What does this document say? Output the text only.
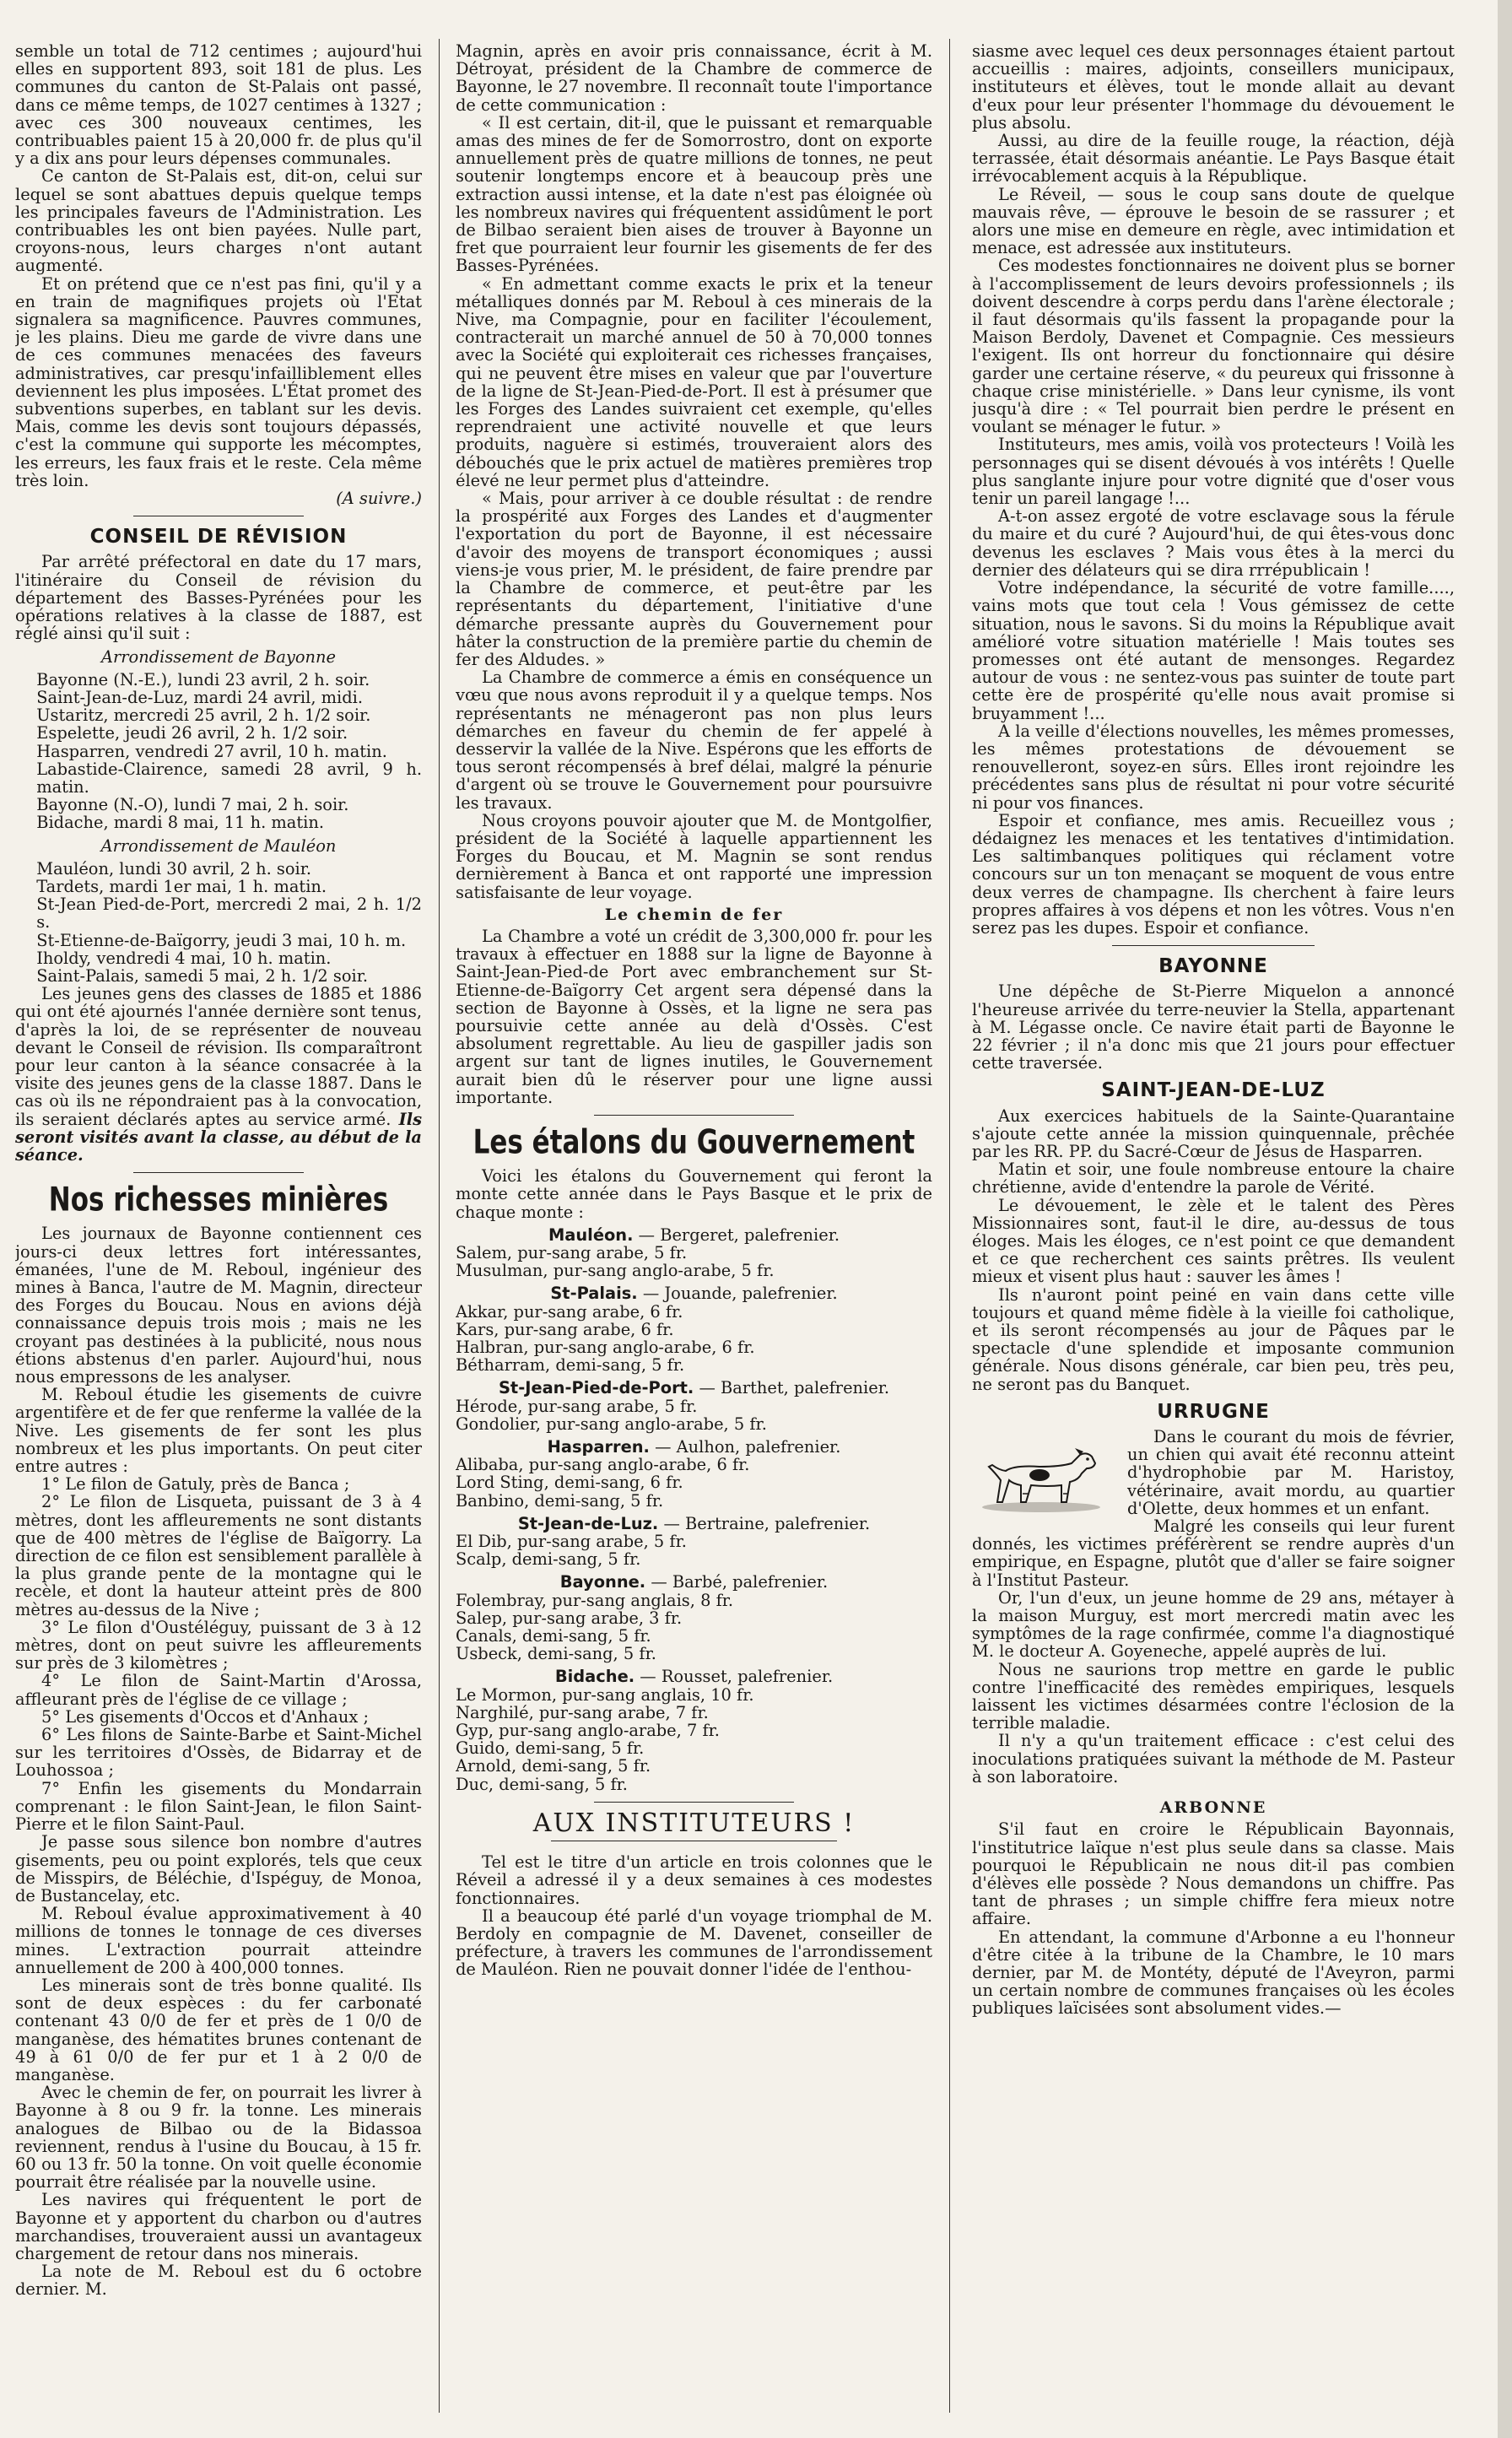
semble un total de 712 centimes ; aujourd'hui elles en supportent 893, soit 181 de plus. Les communes du canton de St-Palais ont passé, dans ce même temps, de 1027 centimes à 1327 ; avec ces 300 nouveaux centimes, les contribuables paient 15 à 20,000 fr. de plus qu'il y a dix ans pour leurs dépenses communales.

Ce canton de St-Palais est, dit-on, celui sur lequel se sont abattues depuis quelque temps les principales faveurs de l'Administration. Les contribuables les ont bien payées. Nulle part, croyons-nous, leurs charges n'ont autant augmenté.

Et on prétend que ce n'est pas fini, qu'il y a en train de magnifiques projets où l'Etat signalera sa magnificence. Pauvres communes, je les plains. Dieu me garde de vivre dans une de ces communes menacées des faveurs administratives, car presqu'infailliblement elles deviennent les plus imposées. L'État promet des subventions superbes, en tablant sur les devis. Mais, comme les devis sont toujours dépassés, c'est la commune qui supporte les mécomptes, les erreurs, les faux frais et le reste. Cela même très loin.

(A suivre.)
CONSEIL DE RÉVISION

Par arrêté préfectoral en date du 17 mars, l'itinéraire du Conseil de révision du département des Basses-Pyrénées pour les opérations relatives à la classe de 1887, est réglé ainsi qu'il suit :

Arrondissement de Bayonne
Bayonne (N.-E.), lundi 23 avril, 2 h. soir.
Saint-Jean-de-Luz, mardi 24 avril, midi.
Ustaritz, mercredi 25 avril, 2 h. 1/2 soir.
Espelette, jeudi 26 avril, 2 h. 1/2 soir.
Hasparren, vendredi 27 avril, 10 h. matin.
Labastide-Clairence, samedi 28 avril, 9 h. matin.
Bayonne (N.-O), lundi 7 mai, 2 h. soir.
Bidache, mardi 8 mai, 11 h. matin.
Arrondissement de Mauléon
Mauléon, lundi 30 avril, 2 h. soir.
Tardets, mardi 1er mai, 1 h. matin.
St-Jean Pied-de-Port, mercredi 2 mai, 2 h. 1/2 s.
St-Etienne-de-Baïgorry, jeudi 3 mai, 10 h. m.
Iholdy, vendredi 4 mai, 10 h. matin.
Saint-Palais, samedi 5 mai, 2 h. 1/2 soir.

Les jeunes gens des classes de 1885 et 1886 qui ont été ajournés l'année dernière sont tenus, d'après la loi, de se représenter de nouveau devant le Conseil de révision. Ils comparaîtront pour leur canton à la séance consacrée à la visite des jeunes gens de la classe 1887. Dans le cas où ils ne répondraient pas à la convocation, ils seraient déclarés aptes au service armé. Ils seront visités avant la classe, au début de la séance.

Nos richesses minières

Les journaux de Bayonne contiennent ces jours-ci deux lettres fort intéressantes, émanées, l'une de M. Reboul, ingénieur des mines à Banca, l'autre de M. Magnin, directeur des Forges du Boucau. Nous en avions déjà connaissance depuis trois mois ; mais ne les croyant pas destinées à la publicité, nous nous étions abstenus d'en parler. Aujourd'hui, nous nous empressons de les analyser.

M. Reboul étudie les gisements de cuivre argentifère et de fer que renferme la vallée de la Nive. Les gisements de fer sont les plus nombreux et les plus importants. On peut citer entre autres :

1° Le filon de Gatuly, près de Banca ;

2° Le filon de Lisqueta, puissant de 3 à 4 mètres, dont les affleurements ne sont distants que de 400 mètres de l'église de Baïgorry. La direction de ce filon est sensiblement parallèle à la plus grande pente de la montagne qui le recèle, et dont la hauteur atteint près de 800 mètres au-dessus de la Nive ;

3° Le filon d'Oustéléguy, puissant de 3 à 12 mètres, dont on peut suivre les affleurements sur près de 3 kilomètres ;

4° Le filon de Saint-Martin d'Arossa, affleurant près de l'église de ce village ;

5° Les gisements d'Occos et d'Anhaux ;

6° Les filons de Sainte-Barbe et Saint-Michel sur les territoires d'Ossès, de Bidarray et de Louhossoa ;

7° Enfin les gisements du Mondarrain comprenant : le filon Saint-Jean, le filon Saint-Pierre et le filon Saint-Paul.

Je passe sous silence bon nombre d'autres gisements, peu ou point explorés, tels que ceux de Misspirs, de Béléchie, d'Ispéguy, de Monoa, de Bustancelay, etc.

M. Reboul évalue approximativement à 40 millions de tonnes le tonnage de ces diverses mines. L'extraction pourrait atteindre annuellement de 200 à 400,000 tonnes.

Les minerais sont de très bonne qualité. Ils sont de deux espèces : du fer carbonaté contenant 43 0/0 de fer et près de 1 0/0 de manganèse, des hématites brunes contenant de 49 à 61 0/0 de fer pur et 1 à 2 0/0 de manganèse.

Avec le chemin de fer, on pourrait les livrer à Bayonne à 8 ou 9 fr. la tonne. Les minerais analogues de Bilbao ou de la Bidassoa reviennent, rendus à l'usine du Boucau, à 15 fr. 60 ou 13 fr. 50 la tonne. On voit quelle économie pourrait être réalisée par la nouvelle usine.

Les navires qui fréquentent le port de Bayonne et y apportent du charbon ou d'autres marchandises, trouveraient aussi un avantageux chargement de retour dans nos minerais.

La note de M. Reboul est du 6 octobre dernier. M.

Magnin, après en avoir pris connaissance, écrit à M. Détroyat, président de la Chambre de commerce de Bayonne, le 27 novembre. Il reconnaît toute l'importance de cette communication :

« Il est certain, dit-il, que le puissant et remarquable amas des mines de fer de Somorrostro, dont on exporte annuellement près de quatre millions de tonnes, ne peut soutenir longtemps encore et à beaucoup près une extraction aussi intense, et la date n'est pas éloignée où les nombreux navires qui fréquentent assidûment le port de Bilbao seraient bien aises de trouver à Bayonne un fret que pourraient leur fournir les gisements de fer des Basses-Pyrénées.

« En admettant comme exacts le prix et la teneur métalliques donnés par M. Reboul à ces minerais de la Nive, ma Compagnie, pour en faciliter l'écoulement, contracterait un marché annuel de 50 à 70,000 tonnes avec la Société qui exploiterait ces richesses françaises, qui ne peuvent être mises en valeur que par l'ouverture de la ligne de St-Jean-Pied-de-Port. Il est à présumer que les Forges des Landes suivraient cet exemple, qu'elles reprendraient une activité nouvelle et que leurs produits, naguère si estimés, trouveraient alors des débouchés que le prix actuel de matières premières trop élevé ne leur permet plus d'atteindre.

« Mais, pour arriver à ce double résultat : de rendre la prospérité aux Forges des Landes et d'augmenter l'exportation du port de Bayonne, il est nécessaire d'avoir des moyens de transport économiques ; aussi viens-je vous prier, M. le président, de faire prendre par la Chambre de commerce, et peut-être par les représentants du département, l'initiative d'une démarche pressante auprès du Gouvernement pour hâter la construction de la première partie du chemin de fer des Aldudes. »

La Chambre de commerce a émis en conséquence un vœu que nous avons reproduit il y a quelque temps. Nos représentants ne ménageront pas non plus leurs démarches en faveur du chemin de fer appelé à desservir la vallée de la Nive. Espérons que les efforts de tous seront récompensés à bref délai, malgré la pénurie d'argent où se trouve le Gouvernement pour poursuivre les travaux.

Nous croyons pouvoir ajouter que M. de Montgolfier, président de la Société à laquelle appartiennent les Forges du Boucau, et M. Magnin se sont rendus dernièrement à Banca et ont rapporté une impression satisfaisante de leur voyage.

Le chemin de fer

La Chambre a voté un crédit de 3,300,000 fr. pour les travaux à effectuer en 1888 sur la ligne de Bayonne à Saint-Jean-Pied-de Port avec embranchement sur St-Etienne-de-Baïgorry Cet argent sera dépensé dans la section de Bayonne à Ossès, et la ligne ne sera pas poursuivie cette année au delà d'Ossès. C'est absolument regrettable. Au lieu de gaspiller jadis son argent sur tant de lignes inutiles, le Gouvernement aurait bien dû le réserver pour une ligne aussi importante.

Les étalons du Gouvernement

Voici les étalons du Gouvernement qui feront la monte cette année dans le Pays Basque et le prix de chaque monte :

Mauléon. — Bergeret, palefrenier.
Salem, pur-sang arabe, 5 fr.
Musulman, pur-sang anglo-arabe, 5 fr.
St-Palais. — Jouande, palefrenier.
Akkar, pur-sang arabe, 6 fr.
Kars, pur-sang arabe, 6 fr.
Halbran, pur-sang anglo-arabe, 6 fr.
Bétharram, demi-sang, 5 fr.
St-Jean-Pied-de-Port. — Barthet, palefrenier.
Hérode, pur-sang arabe, 5 fr.
Gondolier, pur-sang anglo-arabe, 5 fr.
Hasparren. — Aulhon, palefrenier.
Alibaba, pur-sang anglo-arabe, 6 fr.
Lord Sting, demi-sang, 6 fr.
Banbino, demi-sang, 5 fr.
St-Jean-de-Luz. — Bertraine, palefrenier.
El Dib, pur-sang arabe, 5 fr.
Scalp, demi-sang, 5 fr.
Bayonne. — Barbé, palefrenier.
Folembray, pur-sang anglais, 8 fr.
Salep, pur-sang arabe, 3 fr.
Canals, demi-sang, 5 fr.
Usbeck, demi-sang, 5 fr.
Bidache. — Rousset, palefrenier.
Le Mormon, pur-sang anglais, 10 fr.
Narghilé, pur-sang arabe, 7 fr.
Gyp, pur-sang anglo-arabe, 7 fr.
Guido, demi-sang, 5 fr.
Arnold, demi-sang, 5 fr.
Duc, demi-sang, 5 fr.
AUX INSTITUTEURS !

Tel est le titre d'un article en trois colonnes que le Réveil a adressé il y a deux semaines à ces modestes fonctionnaires.

Il a beaucoup été parlé d'un voyage triomphal de M. Berdoly en compagnie de M. Davenet, conseiller de préfecture, à travers les communes de l'arrondissement de Mauléon. Rien ne pouvait donner l'idée de l'enthou-

siasme avec lequel ces deux personnages étaient partout accueillis : maires, adjoints, conseillers municipaux, instituteurs et élèves, tout le monde allait au devant d'eux pour leur présenter l'hommage du dévouement le plus absolu.

Aussi, au dire de la feuille rouge, la réaction, déjà terrassée, était désormais anéantie. Le Pays Basque était irrévocablement acquis à la République.

Le Réveil, — sous le coup sans doute de quelque mauvais rêve, — éprouve le besoin de se rassurer ; et alors une mise en demeure en règle, avec intimidation et menace, est adressée aux instituteurs.

Ces modestes fonctionnaires ne doivent plus se borner à l'accomplissement de leurs devoirs professionnels ; ils doivent descendre à corps perdu dans l'arène électorale ; il faut désormais qu'ils fassent la propagande pour la Maison Berdoly, Davenet et Compagnie. Ces messieurs l'exigent. Ils ont horreur du fonctionnaire qui désire garder une certaine réserve, « du peureux qui frissonne à chaque crise ministérielle. » Dans leur cynisme, ils vont jusqu'à dire : « Tel pourrait bien perdre le présent en voulant se ménager le futur. »

Instituteurs, mes amis, voilà vos protecteurs ! Voilà les personnages qui se disent dévoués à vos intérêts ! Quelle plus sanglante injure pour votre dignité que d'oser vous tenir un pareil langage !...

A-t-on assez ergoté de votre esclavage sous la férule du maire et du curé ? Aujourd'hui, de qui êtes-vous donc devenus les esclaves ? Mais vous êtes à la merci du dernier des délateurs qui se dira rrrépublicain !

Votre indépendance, la sécurité de votre famille...., vains mots que tout cela ! Vous gémissez de cette situation, nous le savons. Si du moins la République avait amélioré votre situation matérielle ! Mais toutes ses promesses ont été autant de mensonges. Regardez autour de vous : ne sentez-vous pas suinter de toute part cette ère de prospérité qu'elle nous avait promise si bruyamment !...

A la veille d'élections nouvelles, les mêmes promesses, les mêmes protestations de dévouement se renouvelleront, soyez-en sûrs. Elles iront rejoindre les précédentes sans plus de résultat ni pour votre sécurité ni pour vos finances.

Espoir et confiance, mes amis. Recueillez vous ; dédaignez les menaces et les tentatives d'intimidation. Les saltimbanques politiques qui réclament votre concours sur un ton menaçant se moquent de vous entre deux verres de champagne. Ils cherchent à faire leurs propres affaires à vos dépens et non les vôtres. Vous n'en serez pas les dupes. Espoir et confiance.

BAYONNE

Une dépêche de St-Pierre Miquelon a annoncé l'heureuse arrivée du terre-neuvier la Stella, appartenant à M. Légasse oncle. Ce navire était parti de Bayonne le 22 février ; il n'a donc mis que 21 jours pour effectuer cette traversée.

SAINT-JEAN-DE-LUZ

Aux exercices habituels de la Sainte-Quarantaine s'ajoute cette année la mission quinquennale, prêchée par les RR. PP. du Sacré-Cœur de Jésus de Hasparren.

Matin et soir, une foule nombreuse entoure la chaire chrétienne, avide d'entendre la parole de Vérité.

Le dévouement, le zèle et le talent des Pères Missionnaires sont, faut-il le dire, au-dessus de tous éloges. Mais les éloges, ce n'est point ce que demandent et ce que recherchent ces saints prêtres. Ils veulent mieux et visent plus haut : sauver les âmes !

Ils n'auront point peiné en vain dans cette ville toujours et quand même fidèle à la vieille foi catholique, et ils seront récompensés au jour de Pâques par le spectacle d'une splendide et imposante communion générale. Nous disons générale, car bien peu, très peu, ne seront pas du Banquet.

URRUGNE

Dans le courant du mois de février, un chien qui avait été reconnu atteint d'hydrophobie par M. Haristoy, vétérinaire, avait mordu, au quartier d'Olette, deux hommes et un enfant.

Malgré les conseils qui leur furent donnés, les victimes préférèrent se rendre auprès d'un empirique, en Espagne, plutôt que d'aller se faire soigner à l'Institut Pasteur.

Or, l'un d'eux, un jeune homme de 29 ans, métayer à la maison Murguy, est mort mercredi matin avec les symptômes de la rage confirmée, comme l'a diagnostiqué M. le docteur A. Goyeneche, appelé auprès de lui.

Nous ne saurions trop mettre en garde le public contre l'inefficacité des remèdes empiriques, lesquels laissent les victimes désarmées contre l'éclosion de la terrible maladie.

Il n'y a qu'un traitement efficace : c'est celui des inoculations pratiquées suivant la méthode de M. Pasteur à son laboratoire.

ARBONNE

S'il faut en croire le Républicain Bayonnais, l'institutrice laïque n'est plus seule dans sa classe. Mais pourquoi le Républicain ne nous dit-il pas combien d'élèves elle possède ? Nous demandons un chiffre. Pas tant de phrases ; un simple chiffre fera mieux notre affaire.

En attendant, la commune d'Arbonne a eu l'honneur d'être citée à la tribune de la Chambre, le 10 mars dernier, par M. de Montéty, député de l'Aveyron, parmi un certain nombre de communes françaises où les écoles publiques laïcisées sont absolument vides.—
